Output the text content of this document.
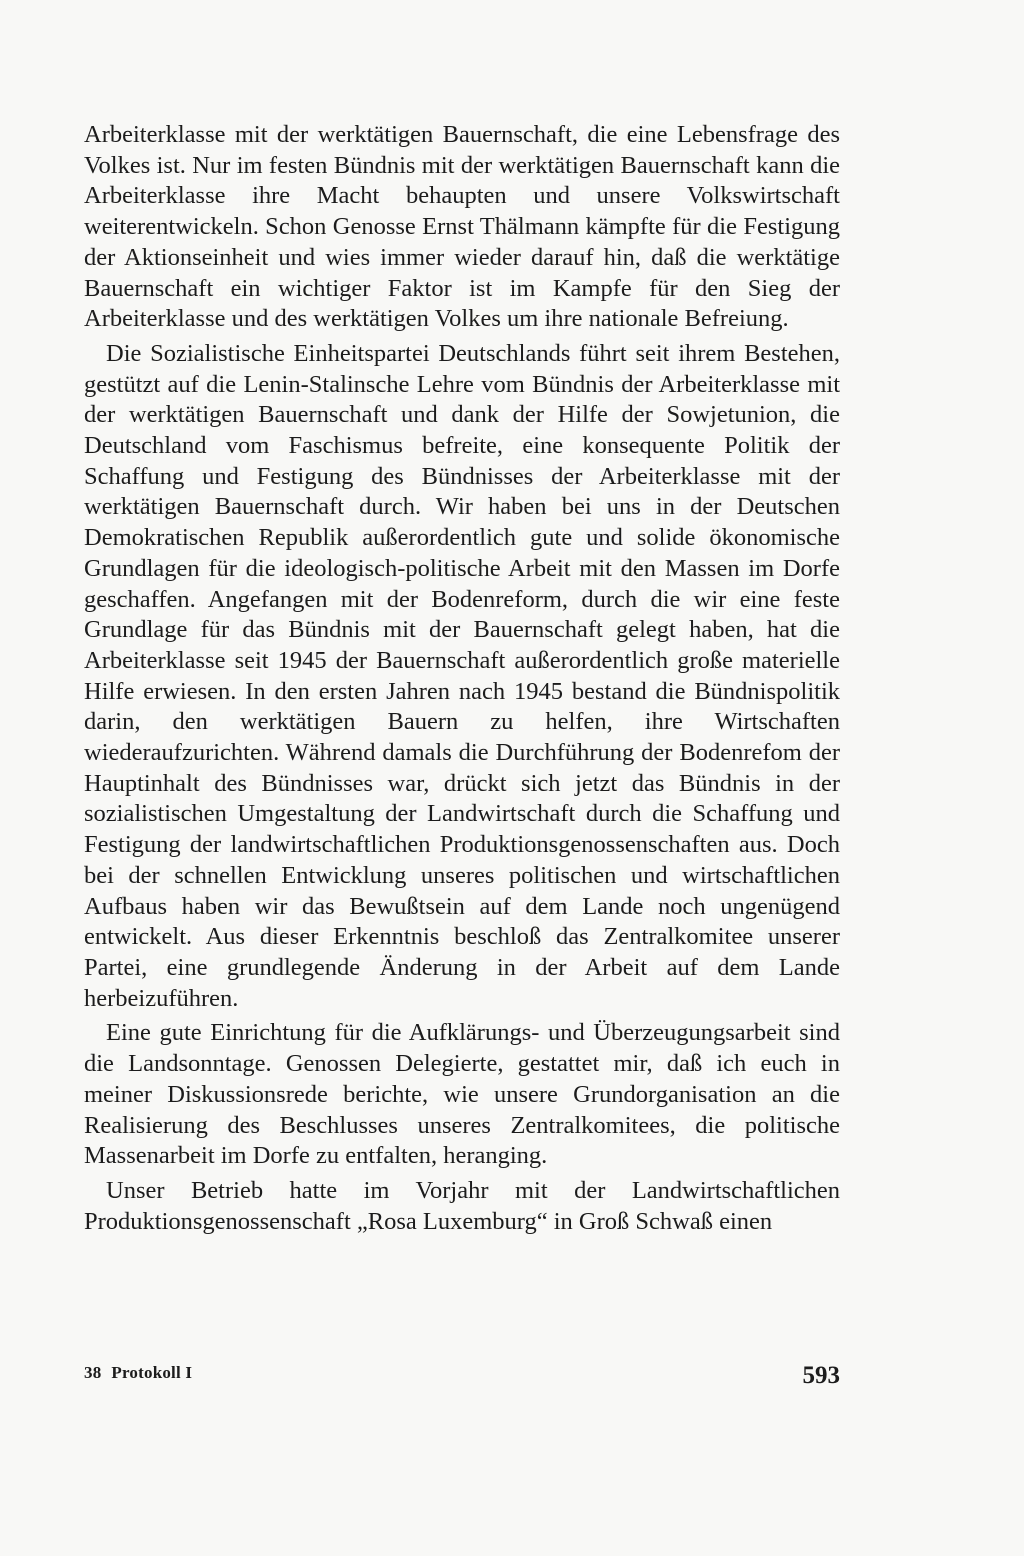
Arbeiterklasse mit der werktätigen Bauernschaft, die eine Lebensfrage des Volkes ist. Nur im festen Bündnis mit der werktätigen Bauernschaft kann die Arbeiterklasse ihre Macht behaupten und unsere Volkswirtschaft weiterentwickeln. Schon Genosse Ernst Thälmann kämpfte für die Festigung der Aktionseinheit und wies immer wieder darauf hin, daß die werktätige Bauernschaft ein wichtiger Faktor ist im Kampfe für den Sieg der Arbeiterklasse und des werktätigen Volkes um ihre nationale Befreiung.

Die Sozialistische Einheitspartei Deutschlands führt seit ihrem Bestehen, gestützt auf die Lenin-Stalinsche Lehre vom Bündnis der Arbeiterklasse mit der werktätigen Bauernschaft und dank der Hilfe der Sowjetunion, die Deutschland vom Faschismus befreite, eine konsequente Politik der Schaffung und Festigung des Bündnisses der Arbeiterklasse mit der werktätigen Bauernschaft durch. Wir haben bei uns in der Deutschen Demokratischen Republik außerordentlich gute und solide ökonomische Grundlagen für die ideologisch-politische Arbeit mit den Massen im Dorfe geschaffen. Angefangen mit der Bodenreform, durch die wir eine feste Grundlage für das Bündnis mit der Bauernschaft gelegt haben, hat die Arbeiterklasse seit 1945 der Bauernschaft außerordentlich große materielle Hilfe erwiesen. In den ersten Jahren nach 1945 bestand die Bündnispolitik darin, den werktätigen Bauern zu helfen, ihre Wirtschaften wiederaufzurichten. Während damals die Durchführung der Bodenrefom der Hauptinhalt des Bündnisses war, drückt sich jetzt das Bündnis in der sozialistischen Umgestaltung der Landwirtschaft durch die Schaffung und Festigung der landwirtschaftlichen Produktionsgenossenschaften aus. Doch bei der schnellen Entwicklung unseres politischen und wirtschaftlichen Aufbaus haben wir das Bewußtsein auf dem Lande noch ungenügend entwickelt. Aus dieser Erkenntnis beschloß das Zentralkomitee unserer Partei, eine grundlegende Änderung in der Arbeit auf dem Lande herbeizuführen.

Eine gute Einrichtung für die Aufklärungs- und Überzeugungsarbeit sind die Landsonntage. Genossen Delegierte, gestattet mir, daß ich euch in meiner Diskussionsrede berichte, wie unsere Grundorganisation an die Realisierung des Beschlusses unseres Zentralkomitees, die politische Massenarbeit im Dorfe zu entfalten, heranging.

Unser Betrieb hatte im Vorjahr mit der Landwirtschaftlichen Produktionsgenossenschaft „Rosa Luxemburg“ in Groß Schwaß einen

38 Protokoll I	593
